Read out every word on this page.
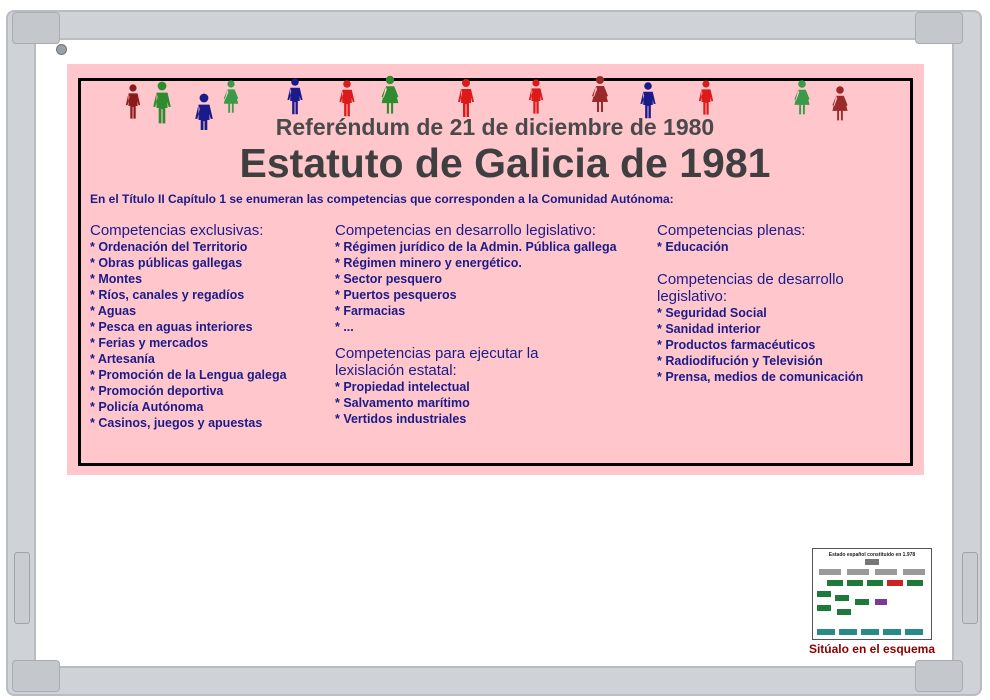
Referéndum de 21 de diciembre de 1980
Estatuto de Galicia de 1981
En el Título II Capítulo 1 se enumeran las competencias que corresponden a la Comunidad Autónoma:
Competencias exclusivas:
* Ordenación del Territorio
* Obras públicas gallegas
* Montes
* Ríos, canales y regadíos
* Aguas
* Pesca en aguas interiores
* Ferias y mercados
* Artesanía
* Promoción de la Lengua galega
* Promoción deportiva
* Policía Autónoma
* Casinos, juegos y apuestas
Competencias en desarrollo legislativo:
* Régimen jurídico de la Admin. Pública gallega
* Régimen minero y energético.
* Sector pesquero
* Puertos pesqueros
* Farmacias
* ...
Competencias para ejecutar la lexislación estatal:
* Propiedad intelectual
* Salvamento marítimo
* Vertidos industriales
Competencias plenas:
* Educación
Competencias de desarrollo legislativo:
* Seguridad Social
* Sanidad interior
* Productos farmacéuticos
* Radiodifución y Televisión
* Prensa, medios de comunicación
Estado español constituido en 1.978
Sitúalo en el esquema
